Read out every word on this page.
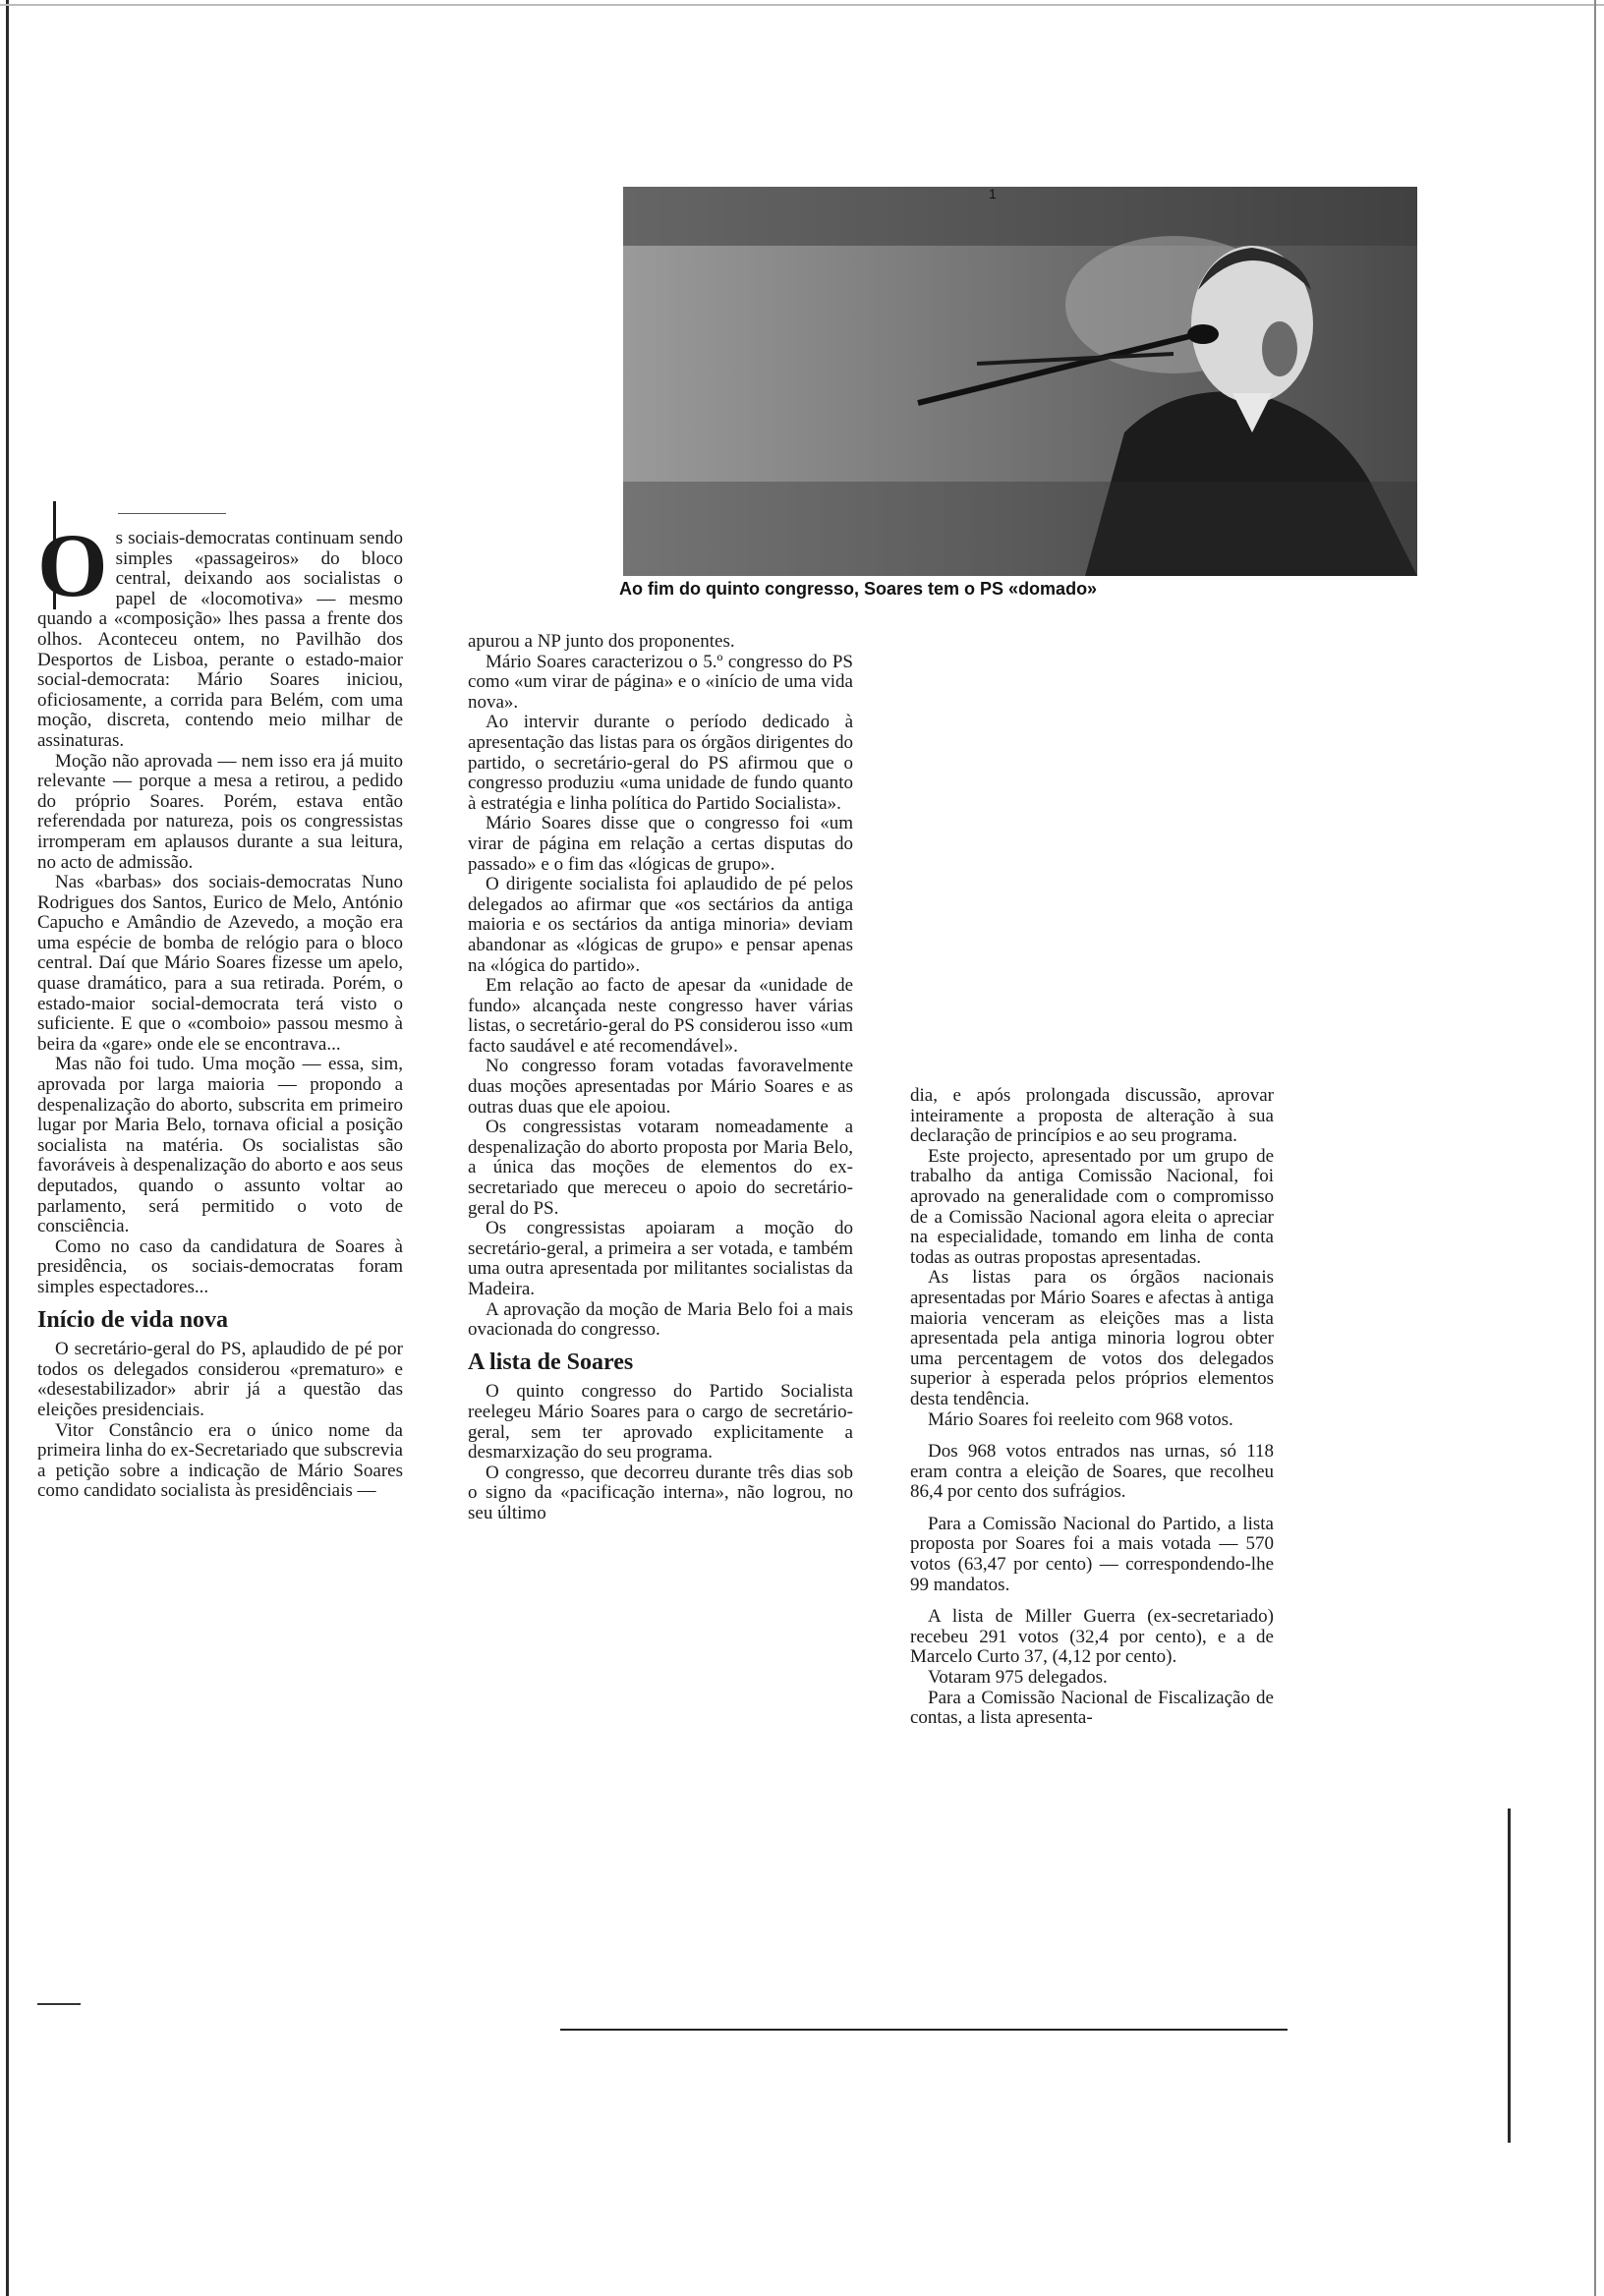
1
Ao fim do quinto congresso, Soares tem o PS «domado»

Os sociais-democratas continuam sendo simples «passageiros» do bloco central, deixando aos socialistas o papel de «locomotiva» — mesmo quando a «composição» lhes passa a frente dos olhos. Aconteceu ontem, no Pavilhão dos Desportos de Lisboa, perante o estado-maior social-democrata: Mário Soares iniciou, oficiosamente, a corrida para Belém, com uma moção, discreta, contendo meio milhar de assinaturas.

Moção não aprovada — nem isso era já muito relevante — porque a mesa a retirou, a pedido do próprio Soares. Porém, estava então referendada por natureza, pois os congressistas irromperam em aplausos durante a sua leitura, no acto de admissão.

Nas «barbas» dos sociais-democratas Nuno Rodrigues dos Santos, Eurico de Melo, António Capucho e Amândio de Azevedo, a moção era uma espécie de bomba de relógio para o bloco central. Daí que Mário Soares fizesse um apelo, quase dramático, para a sua retirada. Porém, o estado-maior social-democrata terá visto o suficiente. E que o «comboio» passou mesmo à beira da «gare» onde ele se encontrava...

Mas não foi tudo. Uma moção — essa, sim, aprovada por larga maioria — propondo a despenalização do aborto, subscrita em primeiro lugar por Maria Belo, tornava oficial a posição socialista na matéria. Os socialistas são favoráveis à despenalização do aborto e aos seus deputados, quando o assunto voltar ao parlamento, será permitido o voto de consciência.

Como no caso da candidatura de Soares à presidência, os sociais-democratas foram simples espectadores...

Início de vida nova

O secretário-geral do PS, aplaudido de pé por todos os delegados considerou «prematuro» e «desestabilizador» abrir já a questão das eleições presidenciais.

Vitor Constâncio era o único nome da primeira linha do ex-Secretariado que subscrevia a petição sobre a indicação de Mário Soares como candidato socialista às presidênciais —

apurou a NP junto dos proponentes.

Mário Soares caracterizou o 5.º congresso do PS como «um virar de página» e o «início de uma vida nova».

Ao intervir durante o período dedicado à apresentação das listas para os órgãos dirigentes do partido, o secretário-geral do PS afirmou que o congresso produziu «uma unidade de fundo quanto à estratégia e linha política do Partido Socialista».

Mário Soares disse que o congresso foi «um virar de página em relação a certas disputas do passado» e o fim das «lógicas de grupo».

O dirigente socialista foi aplaudido de pé pelos delegados ao afirmar que «os sectários da antiga maioria e os sectários da antiga minoria» deviam abandonar as «lógicas de grupo» e pensar apenas na «lógica do partido».

Em relação ao facto de apesar da «unidade de fundo» alcançada neste congresso haver várias listas, o secretário-geral do PS considerou isso «um facto saudável e até recomendável».

No congresso foram votadas favoravelmente duas moções apresentadas por Mário Soares e as outras duas que ele apoiou.

Os congressistas votaram nomeadamente a despenalização do aborto proposta por Maria Belo, a única das moções de elementos do ex-secretariado que mereceu o apoio do secretário-geral do PS.

Os congressistas apoiaram a moção do secretário-geral, a primeira a ser votada, e também uma outra apresentada por militantes socialistas da Madeira.

A aprovação da moção de Maria Belo foi a mais ovacionada do congresso.

A lista de Soares

O quinto congresso do Partido Socialista reelegeu Mário Soares para o cargo de secretário-geral, sem ter aprovado explicitamente a desmarxização do seu programa.

O congresso, que decorreu durante três dias sob o signo da «pacificação interna», não logrou, no seu último

dia, e após prolongada discussão, aprovar inteiramente a proposta de alteração à sua declaração de princípios e ao seu programa.

Este projecto, apresentado por um grupo de trabalho da antiga Comissão Nacional, foi aprovado na generalidade com o compromisso de a Comissão Nacional agora eleita o apreciar na especialidade, tomando em linha de conta todas as outras propostas apresentadas.

As listas para os órgãos nacionais apresentadas por Mário Soares e afectas à antiga maioria venceram as eleições mas a lista apresentada pela antiga minoria logrou obter uma percentagem de votos dos delegados superior à esperada pelos próprios elementos desta tendência.

Mário Soares foi reeleito com 968 votos.

Dos 968 votos entrados nas urnas, só 118 eram contra a eleição de Soares, que recolheu 86,4 por cento dos sufrágios.

Para a Comissão Nacional do Partido, a lista proposta por Soares foi a mais votada — 570 votos (63,47 por cento) — correspondendo-lhe 99 mandatos.

A lista de Miller Guerra (ex-secretariado) recebeu 291 votos (32,4 por cento), e a de Marcelo Curto 37, (4,12 por cento).

Votaram 975 delegados.

Para a Comissão Nacional de Fiscalização de contas, a lista apresenta-
